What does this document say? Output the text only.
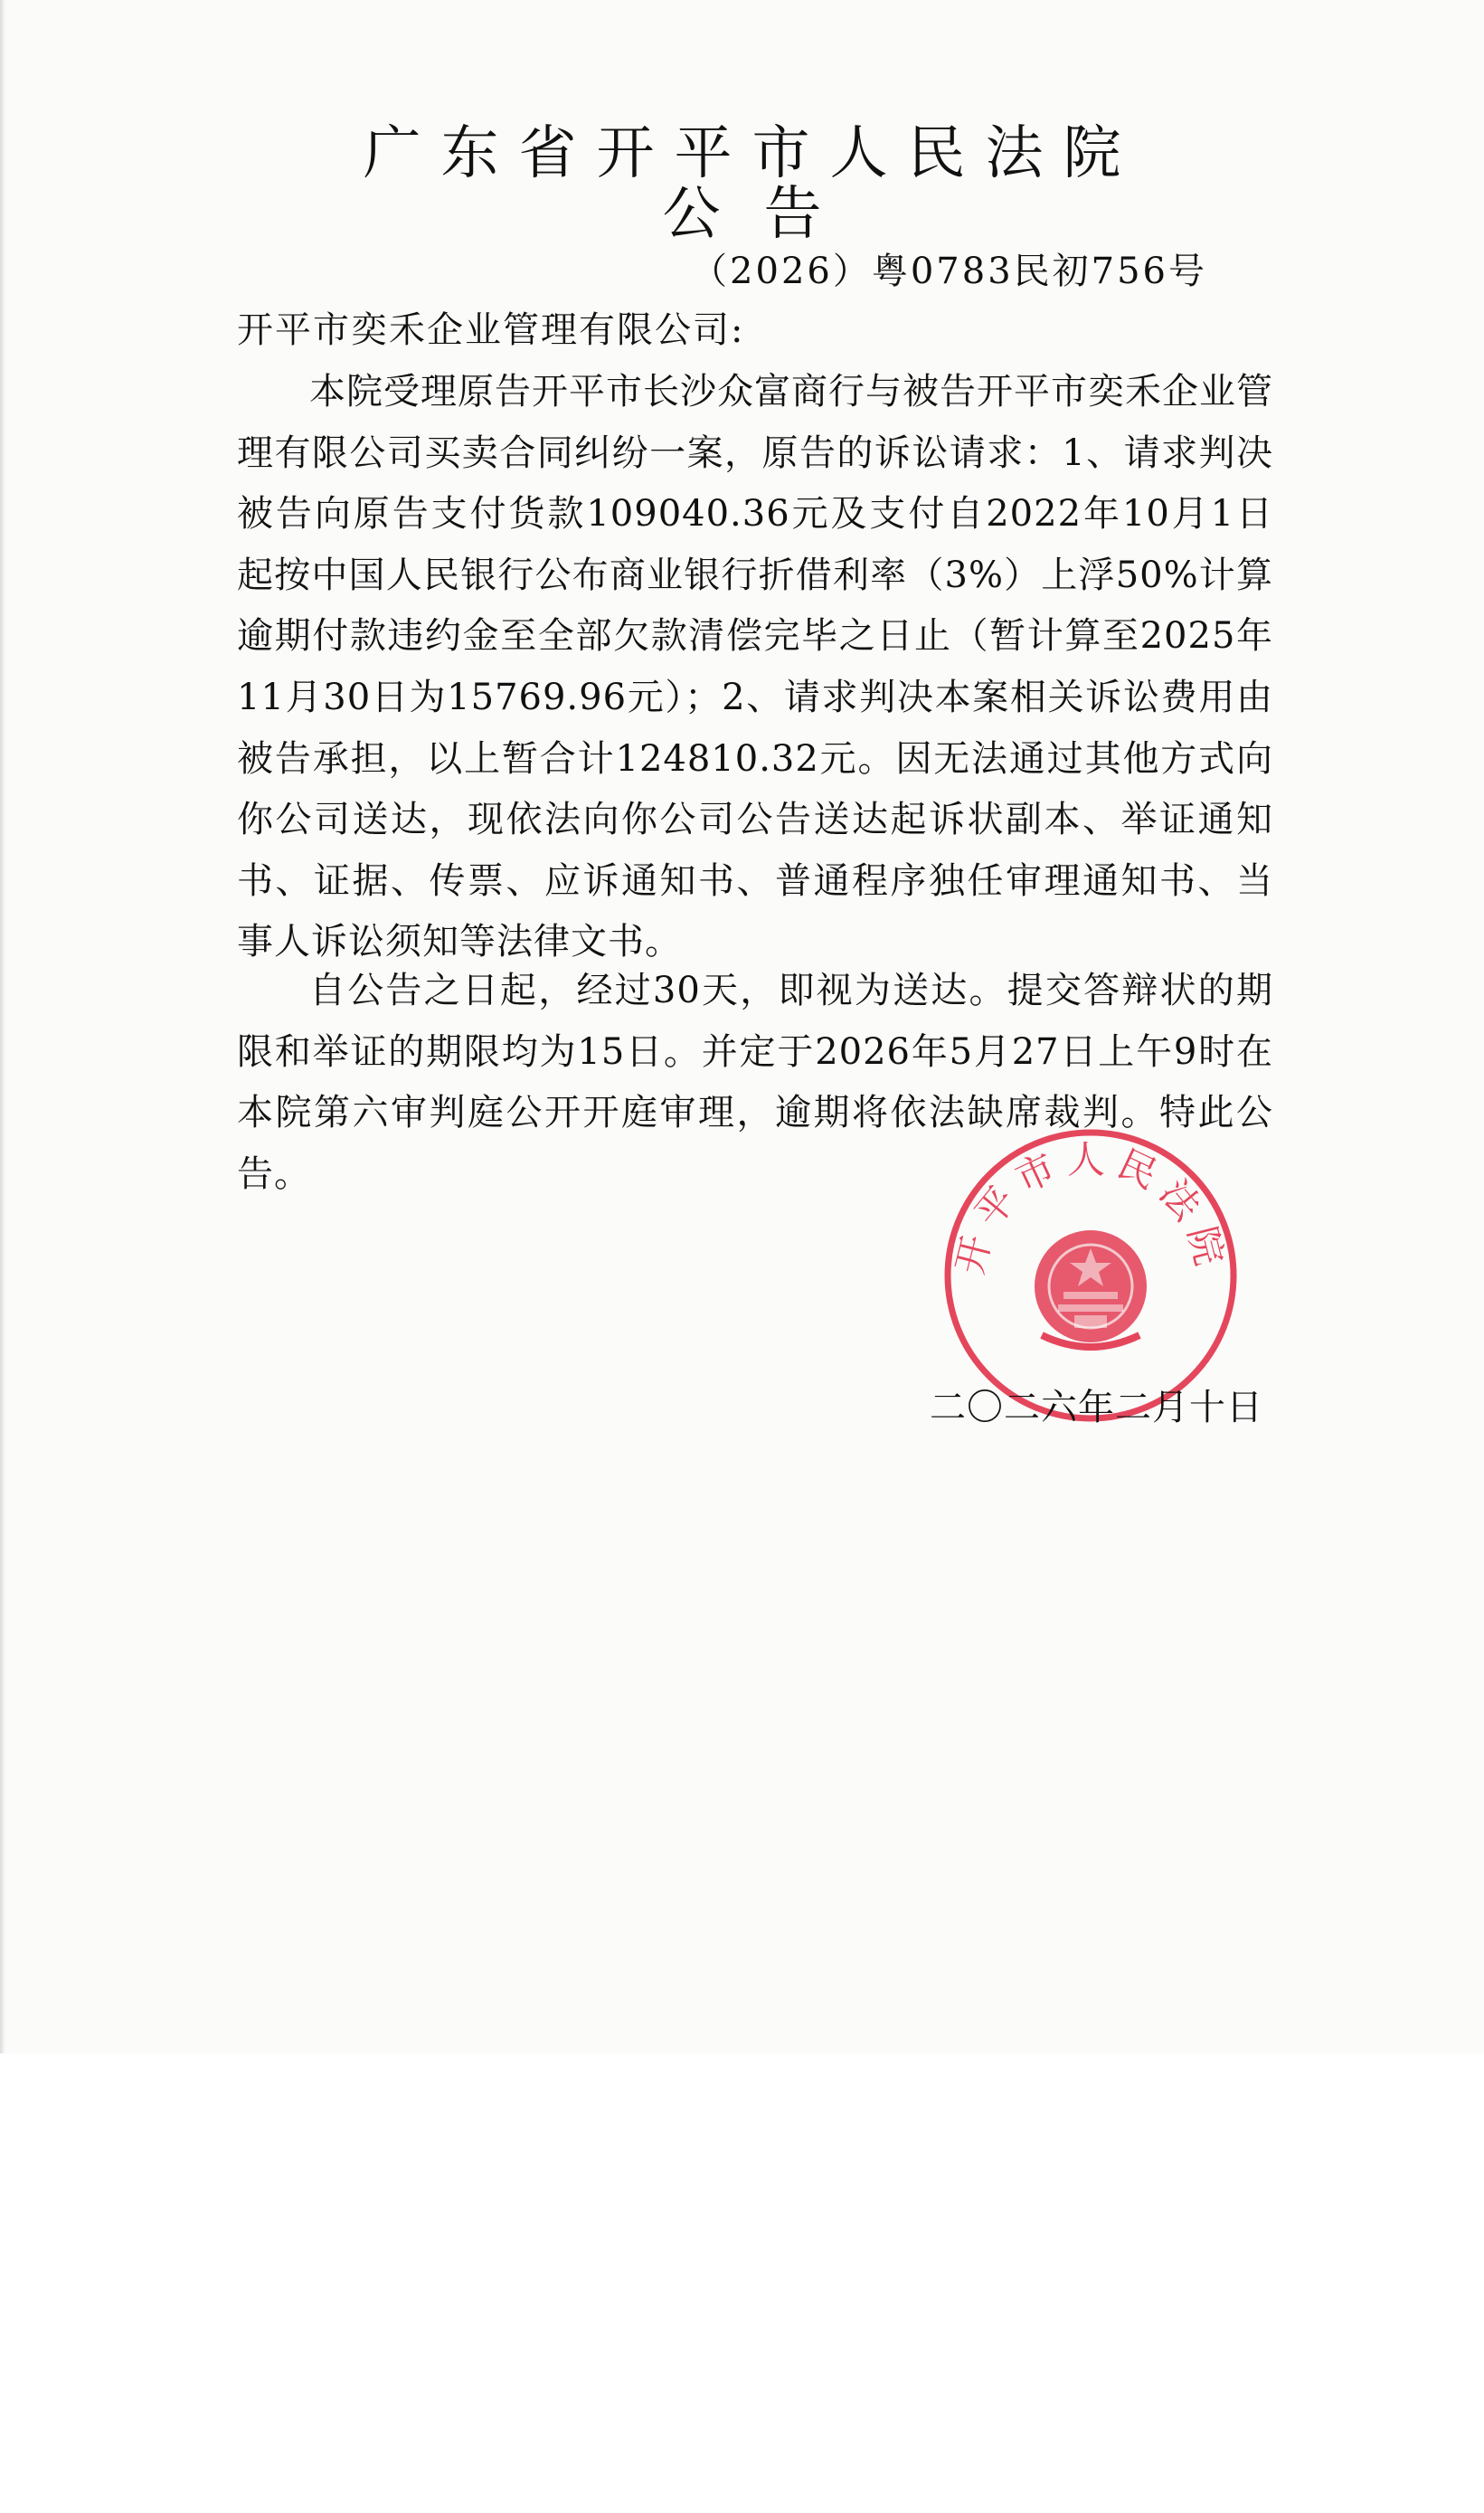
广东省开平市人民法院
公告
（2026）粤0783民初756号
开平市奕禾企业管理有限公司:

本院受理原告开平市长沙众富商行与被告开平市奕禾企业管理有限公司买卖合同纠纷一案，原告的诉讼请求：1、请求判决被告向原告支付货款109040.36元及支付自2022年10月1日起按中国人民银行公布商业银行折借利率（3%）上浮50%计算逾期付款违约金至全部欠款清偿完毕之日止（暂计算至2025年11月30日为15769.96元）；2、请求判决本案相关诉讼费用由被告承担，以上暂合计124810.32元。因无法通过其他方式向你公司送达，现依法向你公司公告送达起诉状副本、举证通知书、证据、传票、应诉通知书、普通程序独任审理通知书、当事人诉讼须知等法律文书。

自公告之日起，经过30天，即视为送达。提交答辩状的期限和举证的期限均为15日。并定于2026年5月27日上午9时在本院第六审判庭公开开庭审理，逾期将依法缺席裁判。特此公告。

开平市人民法院
二〇二六年二月十日
